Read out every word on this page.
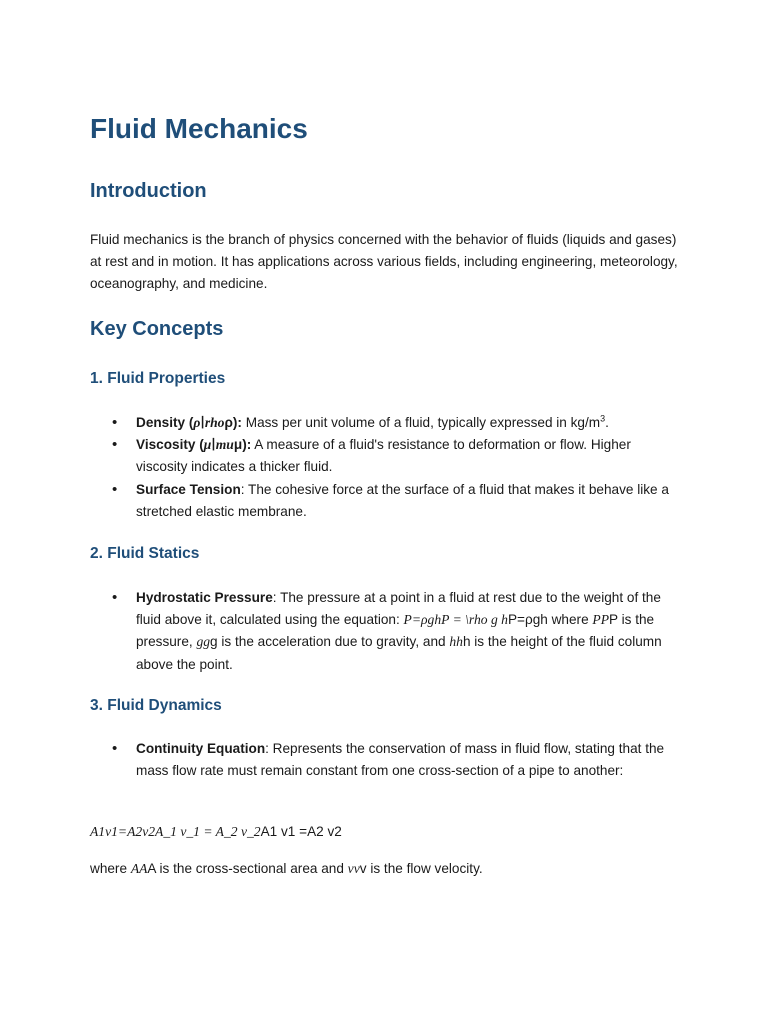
Fluid Mechanics
Introduction

Fluid mechanics is the branch of physics concerned with the behavior of fluids (liquids and gases) at rest and in motion. It has applications across various fields, including engineering, meteorology, oceanography, and medicine.

Key Concepts
1. Fluid Properties
• Density (ρ∣rhoρ): Mass per unit volume of a fluid, typically expressed in $kg/m^3$.
• Viscosity (μ∣muμ): A measure of a fluid's resistance to deformation or flow. Higher viscosity indicates a thicker fluid.
• Surface Tension: The cohesive force at the surface of a fluid that makes it behave like a stretched elastic membrane.
2. Fluid Statics
• Hydrostatic Pressure: The pressure at a point in a fluid at rest due to the weight of the fluid above it, calculated using the equation: P=ρghP = \rho g hP=ρgh where PPP is the pressure, ggg is the acceleration due to gravity, and hhh is the height of the fluid column above the point.
3. Fluid Dynamics
• Continuity Equation: Represents the conservation of mass in fluid flow, stating that the mass flow rate must remain constant from one cross-section of a pipe to another:

A1v1=A2v2A_1 v_1 = A_2 v_2A1 v1 =A2 v2

where AAA is the cross-sectional area and vvv is the flow velocity.
